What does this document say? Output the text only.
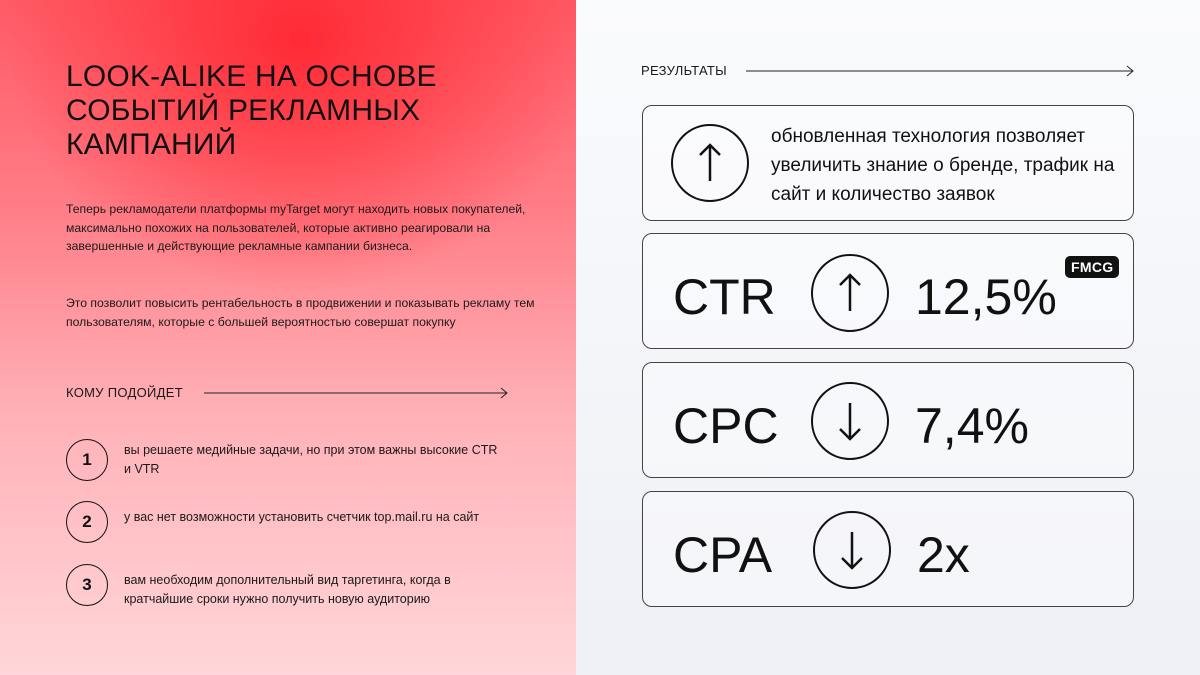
LOOK-ALIKE НА ОСНОВЕ
СОБЫТИЙ РЕКЛАМНЫХ
КАМПАНИЙ

Теперь рекламодатели платформы myTarget могут находить новых покупателей, максимально похожих на пользователей, которые активно реагировали на завершенные и действующие рекламные кампании бизнеса.

Это позволит повысить рентабельность в продвижении и показывать рекламу тем пользователям, которые с большей вероятностью совершат покупку

КОМУ ПОДОЙДЕТ
1	вы решаете медийные задачи, но при этом важны высокие CTR и VTR
2	у вас нет возможности установить счетчик top.mail.ru на сайт
3	вам необходим дополнительный вид таргетинга, когда в кратчайшие сроки нужно получить новую аудиторию
РЕЗУЛЬТАТЫ
обновленная технология позволяет увеличить знание о бренде, трафик на сайт и количество заявок
CTR	12,5%
FMCG
CPC	7,4%
CPA	2x
